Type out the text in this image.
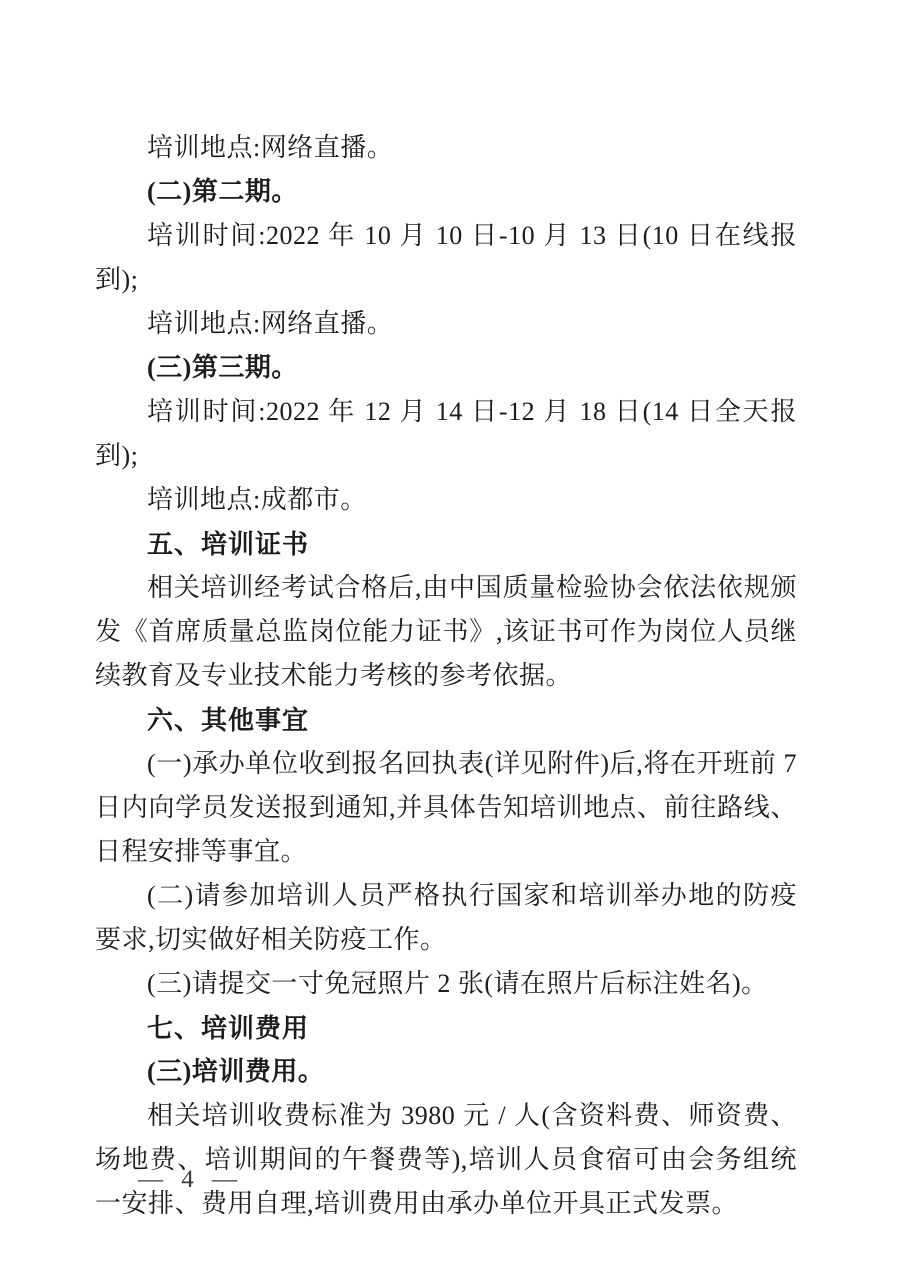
培训地点:网络直播。

(二)第二期。

培训时间:2022 年 10 月 10 日-10 月 13 日(10 日在线报到);

培训地点:网络直播。

(三)第三期。

培训时间:2022 年 12 月 14 日-12 月 18 日(14 日全天报到);

培训地点:成都市。

五、培训证书

相关培训经考试合格后,由中国质量检验协会依法依规颁发《首席质量总监岗位能力证书》,该证书可作为岗位人员继续教育及专业技术能力考核的参考依据。

六、其他事宜

(一)承办单位收到报名回执表(详见附件)后,将在开班前 7 日内向学员发送报到通知,并具体告知培训地点、前往路线、日程安排等事宜。

(二)请参加培训人员严格执行国家和培训举办地的防疫要求,切实做好相关防疫工作。

(三)请提交一寸免冠照片 2 张(请在照片后标注姓名)。

七、培训费用

(三)培训费用。

相关培训收费标准为 3980 元 / 人(含资料费、师资费、场地费、培训期间的午餐费等),培训人员食宿可由会务组统一安排、费用自理,培训费用由承办单位开具正式发票。

— 4 —
